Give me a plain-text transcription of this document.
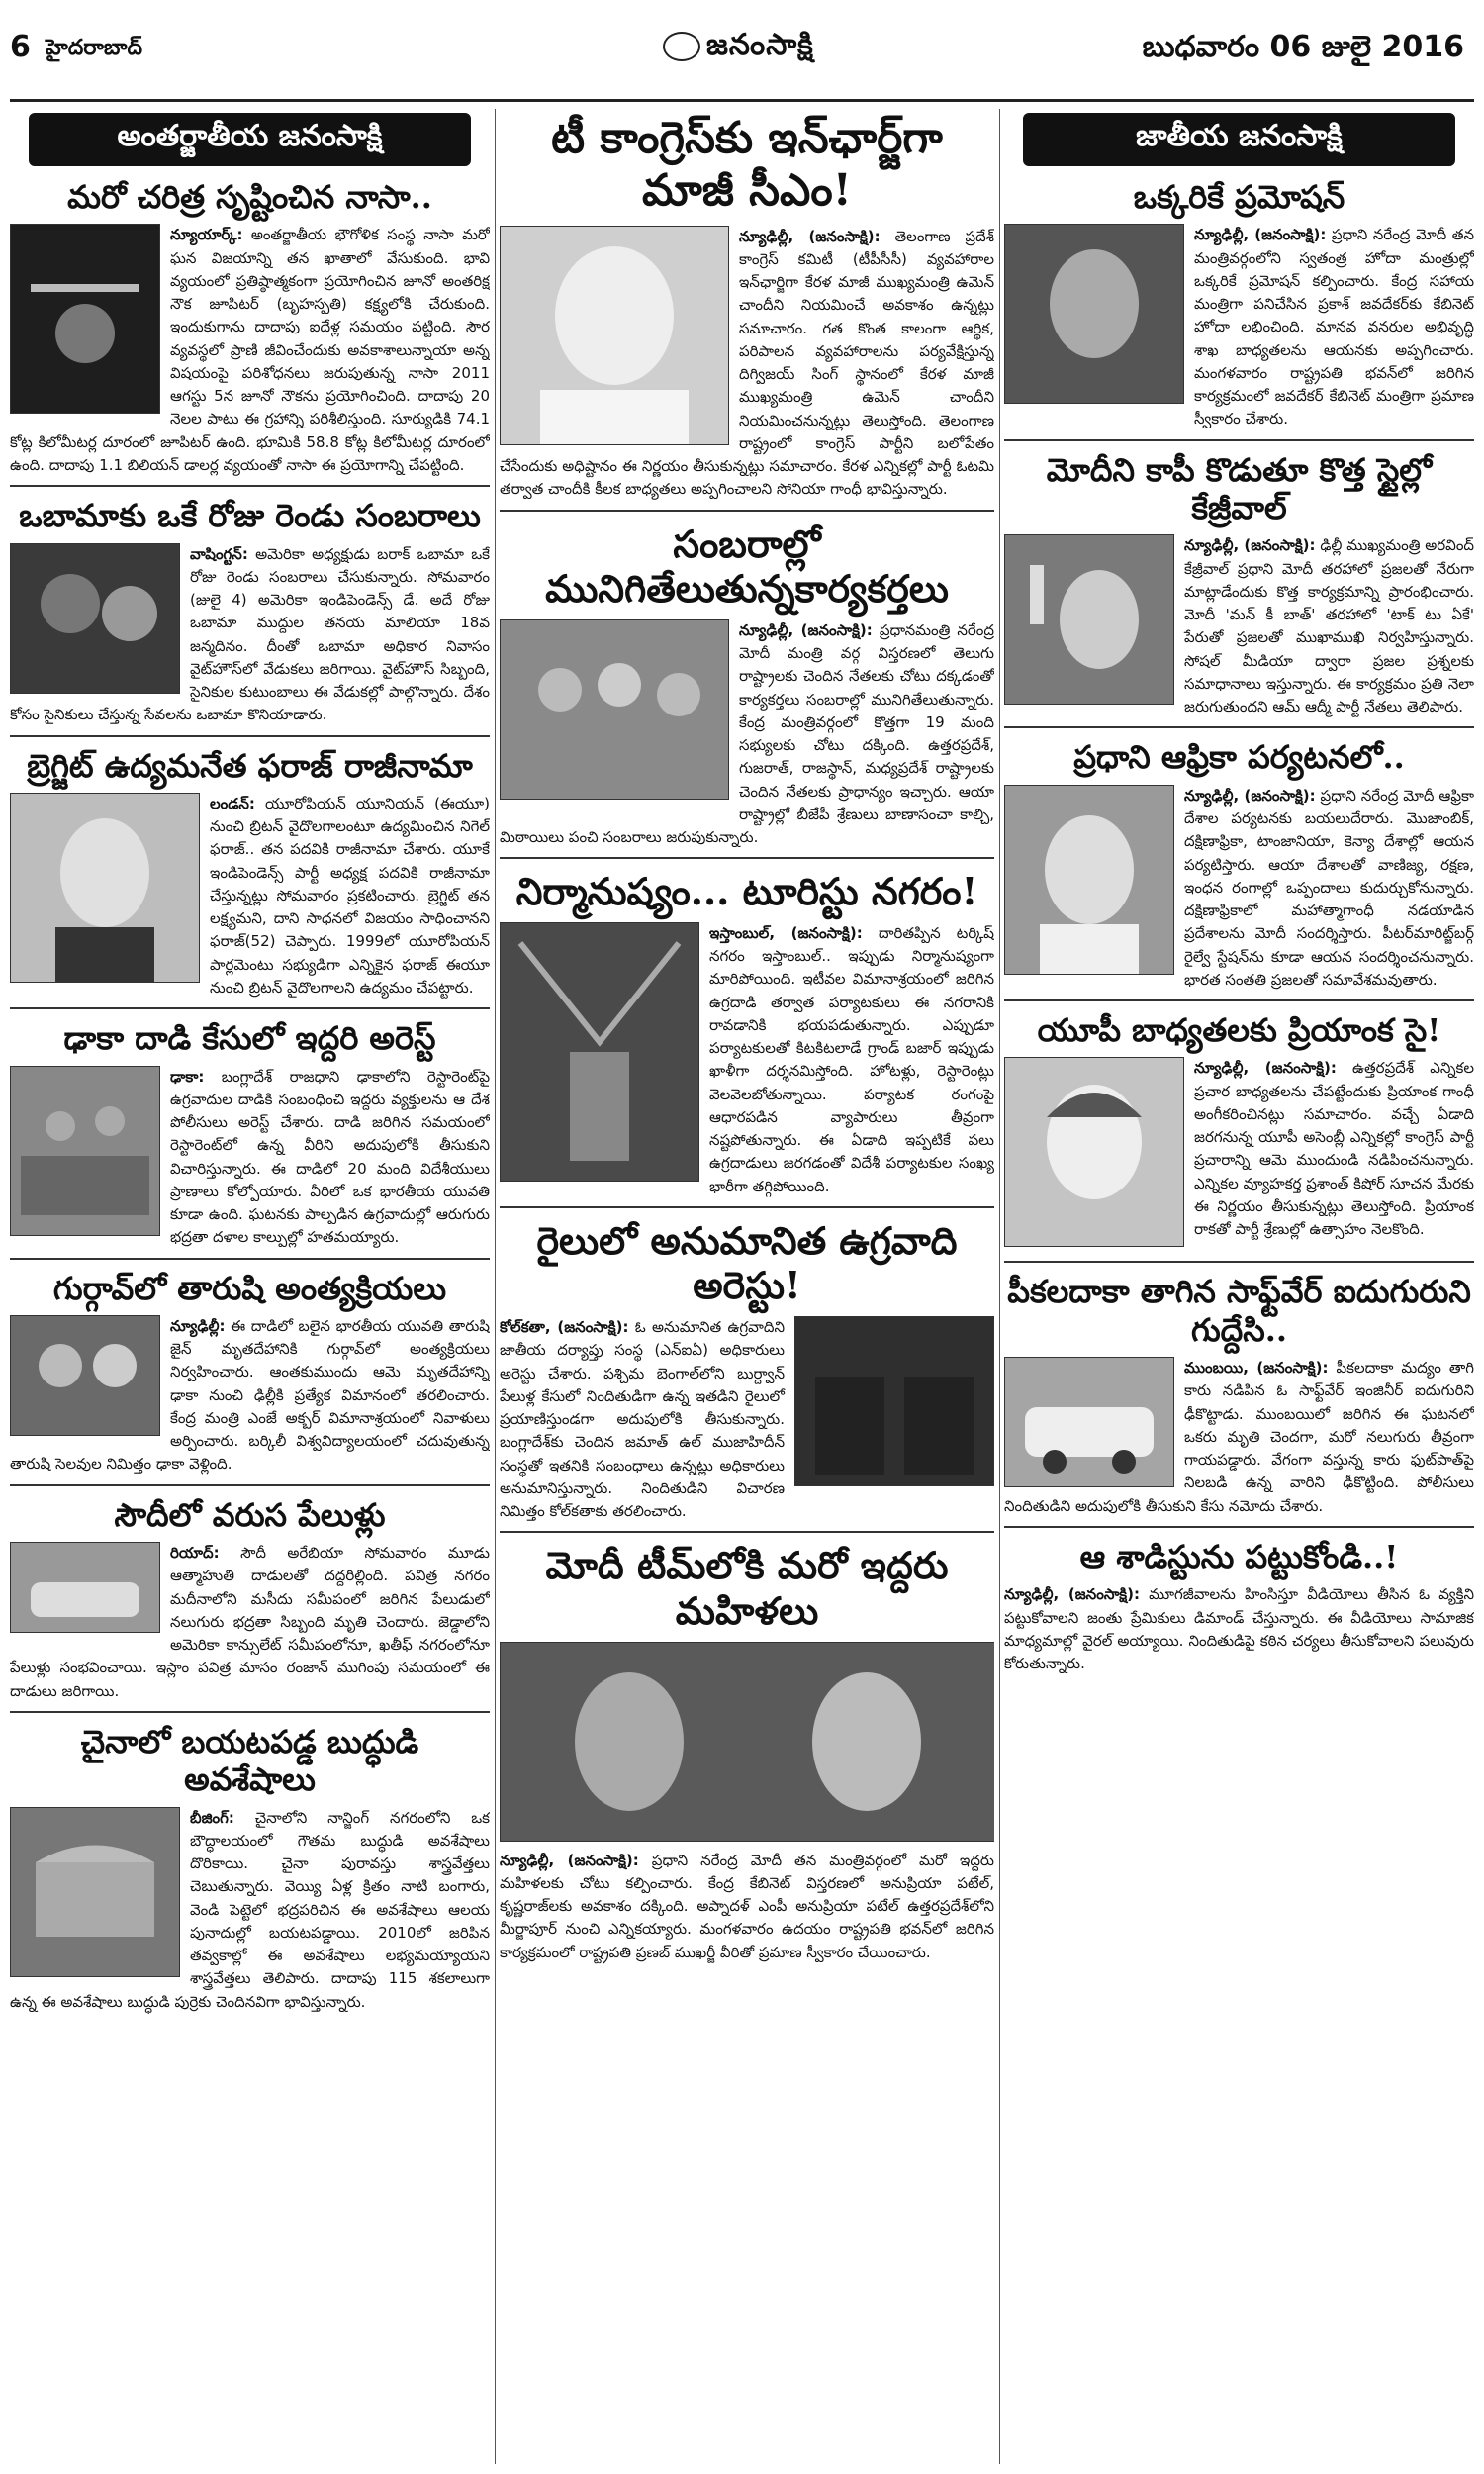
6 హైదరాబాద్	జనంసాక్షి	బుధవారం 06 జులై 2016
అంతర్జాతీయ జనంసాక్షి
మరో చరిత్ర సృష్టించిన నాసా..

న్యూయార్క్: అంతర్జాతీయ భౌగోళిక సంస్థ నాసా మరో ఘన విజయాన్ని తన ఖాతాలో వేసుకుంది. భావి వ్యయంలో ప్రతిష్ఠాత్మకంగా ప్రయోగించిన జూనో అంతరిక్ష నౌక జూపిటర్ (బృహస్పతి) కక్ష్యలోకి చేరుకుంది. ఇందుకుగాను దాదాపు ఐదేళ్ల సమయం పట్టింది. సౌర వ్యవస్థలో ప్రాణి జీవించేందుకు అవకాశాలున్నాయా అన్న విషయంపై పరిశోధనలు జరుపుతున్న నాసా 2011 ఆగస్టు 5న జూనో నౌకను ప్రయోగించింది. దాదాపు 20 నెలల పాటు ఈ గ్రహాన్ని పరిశీలిస్తుంది. సూర్యుడికి 74.1 కోట్ల కిలోమీటర్ల దూరంలో జూపిటర్ ఉంది. భూమికి 58.8 కోట్ల కిలోమీటర్ల దూరంలో ఉంది. దాదాపు 1.1 బిలియన్ డాలర్ల వ్యయంతో నాసా ఈ ప్రయోగాన్ని చేపట్టింది.

ఒబామాకు ఒకే రోజు రెండు సంబరాలు

వాషింగ్టన్: అమెరికా అధ్యక్షుడు బరాక్ ఒబామా ఒకే రోజు రెండు సంబరాలు చేసుకున్నారు. సోమవారం (జులై 4) అమెరికా ఇండిపెండెన్స్ డే. అదే రోజు ఒబామా ముద్దుల తనయ మాలియా 18వ జన్మదినం. దీంతో ఒబామా అధికార నివాసం వైట్‌హౌస్‌లో వేడుకలు జరిగాయి. వైట్‌హౌస్ సిబ్బంది, సైనికుల కుటుంబాలు ఈ వేడుకల్లో పాల్గొన్నారు. దేశం కోసం సైనికులు చేస్తున్న సేవలను ఒబామా కొనియాడారు.

బ్రెగ్జిట్ ఉద్యమనేత ఫరాజ్ రాజీనామా

లండన్: యూరోపియన్ యూనియన్ (ఈయూ) నుంచి బ్రిటన్ వైదొలగాలంటూ ఉద్యమించిన నిగెల్ ఫరాజ్.. తన పదవికి రాజీనామా చేశారు. యూకే ఇండిపెండెన్స్ పార్టీ అధ్యక్ష పదవికి రాజీనామా చేస్తున్నట్లు సోమవారం ప్రకటించారు. బ్రెగ్జిట్ తన లక్ష్యమని, దాని సాధనలో విజయం సాధించానని ఫరాజ్(52) చెప్పారు. 1999లో యూరోపియన్ పార్లమెంటు సభ్యుడిగా ఎన్నికైన ఫరాజ్ ఈయూ నుంచి బ్రిటన్ వైదొలగాలని ఉద్యమం చేపట్టారు.

ఢాకా దాడి కేసులో ఇద్దరి అరెస్ట్

ఢాకా: బంగ్లాదేశ్ రాజధాని ఢాకాలోని రెస్టారెంట్‌పై ఉగ్రవాదుల దాడికి సంబంధించి ఇద్దరు వ్యక్తులను ఆ దేశ పోలీసులు అరెస్ట్ చేశారు. దాడి జరిగిన సమయంలో రెస్టారెంట్‌లో ఉన్న వీరిని అదుపులోకి తీసుకుని విచారిస్తున్నారు. ఈ దాడిలో 20 మంది విదేశీయులు ప్రాణాలు కోల్పోయారు. వీరిలో ఒక భారతీయ యువతి కూడా ఉంది. ఘటనకు పాల్పడిన ఉగ్రవాదుల్లో ఆరుగురు భద్రతా దళాల కాల్పుల్లో హతమయ్యారు.

గుర్గావ్‌లో తారుషి అంత్యక్రియలు

న్యూఢిల్లీ: ఈ దాడిలో బలైన భారతీయ యువతి తారుషి జైన్ మృతదేహానికి గుర్గావ్‌లో అంత్యక్రియలు నిర్వహించారు. ఆంతకుముందు ఆమె మృతదేహాన్ని ఢాకా నుంచి ఢిల్లీకి ప్రత్యేక విమానంలో తరలించారు. కేంద్ర మంత్రి ఎంజే అక్బర్ విమానాశ్రయంలో నివాళులు అర్పించారు. బర్కిలీ విశ్వవిద్యాలయంలో చదువుతున్న తారుషి సెలవుల నిమిత్తం ఢాకా వెళ్లింది.

సౌదీలో వరుస పేలుళ్లు

రియాద్: సౌదీ అరేబియా సోమవారం మూడు ఆత్మాహుతి దాడులతో దద్దరిల్లింది. పవిత్ర నగరం మదీనాలోని మసీదు సమీపంలో జరిగిన పేలుడులో నలుగురు భద్రతా సిబ్బంది మృతి చెందారు. జెడ్డాలోని అమెరికా కాన్సులేట్ సమీపంలోనూ, ఖతీఫ్ నగరంలోనూ పేలుళ్లు సంభవించాయి. ఇస్లాం పవిత్ర మాసం రంజాన్ ముగింపు సమయంలో ఈ దాడులు జరిగాయి.

చైనాలో బయటపడ్డ బుద్ధుడి అవశేషాలు

బీజింగ్: చైనాలోని నాన్జింగ్ నగరంలోని ఒక బౌద్ధాలయంలో గౌతమ బుద్ధుడి అవశేషాలు దొరికాయి. చైనా పురావస్తు శాస్త్రవేత్తలు చెబుతున్నారు. వెయ్యి ఏళ్ల క్రితం నాటి బంగారు, వెండి పెట్టెలో భద్రపరిచిన ఈ అవశేషాలు ఆలయ పునాదుల్లో బయటపడ్డాయి. 2010లో జరిపిన తవ్వకాల్లో ఈ అవశేషాలు లభ్యమయ్యాయని శాస్త్రవేత్తలు తెలిపారు. దాదాపు 115 శకలాలుగా ఉన్న ఈ అవశేషాలు బుద్ధుడి పుర్రెకు చెందినవిగా భావిస్తున్నారు.

టీ కాంగ్రెస్‌కు ఇన్‌ఛార్జ్‌గా మాజీ సీఎం!

న్యూఢిల్లీ, (జనంసాక్షి): తెలంగాణ ప్రదేశ్ కాంగ్రెస్ కమిటీ (టీపీసీసీ) వ్యవహారాల ఇన్‌ఛార్జిగా కేరళ మాజీ ముఖ్యమంత్రి ఉమెన్ చాందీని నియమించే అవకాశం ఉన్నట్లు సమాచారం. గత కొంత కాలంగా ఆర్థిక, పరిపాలన వ్యవహారాలను పర్యవేక్షిస్తున్న దిగ్విజయ్ సింగ్ స్థానంలో కేరళ మాజీ ముఖ్యమంత్రి ఉమెన్ చాందీని నియమించనున్నట్లు తెలుస్తోంది. తెలంగాణ రాష్ట్రంలో కాంగ్రెస్ పార్టీని బలోపేతం చేసేందుకు అధిష్టానం ఈ నిర్ణయం తీసుకున్నట్లు సమాచారం. కేరళ ఎన్నికల్లో పార్టీ ఓటమి తర్వాత చాందీకి కీలక బాధ్యతలు అప్పగించాలని సోనియా గాంధీ భావిస్తున్నారు.

సంబరాల్లో మునిగితేలుతున్నకార్యకర్తలు

న్యూఢిల్లీ, (జనంసాక్షి): ప్రధానమంత్రి నరేంద్ర మోదీ మంత్రి వర్గ విస్తరణలో తెలుగు రాష్ట్రాలకు చెందిన నేతలకు చోటు దక్కడంతో కార్యకర్తలు సంబరాల్లో మునిగితేలుతున్నారు. కేంద్ర మంత్రివర్గంలో కొత్తగా 19 మంది సభ్యులకు చోటు దక్కింది. ఉత్తరప్రదేశ్, గుజరాత్, రాజస్థాన్, మధ్యప్రదేశ్ రాష్ట్రాలకు చెందిన నేతలకు ప్రాధాన్యం ఇచ్చారు. ఆయా రాష్ట్రాల్లో బీజేపీ శ్రేణులు బాణాసంచా కాల్చి, మిఠాయిలు పంచి సంబరాలు జరుపుకున్నారు.

నిర్మానుష్యం... టూరిస్టు నగరం!

ఇస్తాంబుల్, (జనంసాక్షి): దారితప్పిన టర్కిష్ నగరం ఇస్తాంబుల్.. ఇప్పుడు నిర్మానుష్యంగా మారిపోయింది. ఇటీవల విమానాశ్రయంలో జరిగిన ఉగ్రదాడి తర్వాత పర్యాటకులు ఈ నగరానికి రావడానికి భయపడుతున్నారు. ఎప్పుడూ పర్యాటకులతో కిటకిటలాడే గ్రాండ్ బజార్ ఇప్పుడు ఖాళీగా దర్శనమిస్తోంది. హోటళ్లు, రెస్టారెంట్లు వెలవెలబోతున్నాయి. పర్యాటక రంగంపై ఆధారపడిన వ్యాపారులు తీవ్రంగా నష్టపోతున్నారు. ఈ ఏడాది ఇప్పటికే పలు ఉగ్రదాడులు జరగడంతో విదేశీ పర్యాటకుల సంఖ్య భారీగా తగ్గిపోయింది.

రైలులో అనుమానిత ఉగ్రవాది అరెస్టు!

కోల్‌కతా, (జనంసాక్షి): ఓ అనుమానిత ఉగ్రవాదిని జాతీయ దర్యాప్తు సంస్థ (ఎన్‌ఐఏ) అధికారులు అరెస్టు చేశారు. పశ్చిమ బెంగాల్‌లోని బుర్ద్వాన్ పేలుళ్ల కేసులో నిందితుడిగా ఉన్న ఇతడిని రైలులో ప్రయాణిస్తుండగా అదుపులోకి తీసుకున్నారు. బంగ్లాదేశ్‌కు చెందిన జమాత్ ఉల్ ముజాహిదీన్ సంస్థతో ఇతనికి సంబంధాలు ఉన్నట్లు అధికారులు అనుమానిస్తున్నారు. నిందితుడిని విచారణ నిమిత్తం కోల్‌కతాకు తరలించారు.

మోదీ టీమ్‌లోకి మరో ఇద్దరు మహిళలు

న్యూఢిల్లీ, (జనంసాక్షి): ప్రధాని నరేంద్ర మోదీ తన మంత్రివర్గంలో మరో ఇద్దరు మహిళలకు చోటు కల్పించారు. కేంద్ర కేబినెట్ విస్తరణలో అనుప్రియా పటేల్, కృష్ణరాజ్‌లకు అవకాశం దక్కింది. అప్నాదళ్ ఎంపీ అనుప్రియా పటేల్ ఉత్తరప్రదేశ్‌లోని మీర్జాపూర్ నుంచి ఎన్నికయ్యారు. మంగళవారం ఉదయం రాష్ట్రపతి భవన్‌లో జరిగిన కార్యక్రమంలో రాష్ట్రపతి ప్రణబ్ ముఖర్జీ వీరితో ప్రమాణ స్వీకారం చేయించారు.

జాతీయ జనంసాక్షి
ఒక్కరికే ప్రమోషన్

న్యూఢిల్లీ, (జనంసాక్షి): ప్రధాని నరేంద్ర మోదీ తన మంత్రివర్గంలోని స్వతంత్ర హోదా మంత్రుల్లో ఒక్కరికే ప్రమోషన్ కల్పించారు. కేంద్ర సహాయ మంత్రిగా పనిచేసిన ప్రకాశ్ జవదేకర్‌కు కేబినెట్ హోదా లభించింది. మానవ వనరుల అభివృద్ధి శాఖ బాధ్యతలను ఆయనకు అప్పగించారు. మంగళవారం రాష్ట్రపతి భవన్‌లో జరిగిన కార్యక్రమంలో జవదేకర్ కేబినెట్ మంత్రిగా ప్రమాణ స్వీకారం చేశారు.

మోదీని కాపీ కొడుతూ కొత్త స్టైల్లో కేజ్రీవాల్

న్యూఢిల్లీ, (జనంసాక్షి): ఢిల్లీ ముఖ్యమంత్రి అరవింద్ కేజ్రీవాల్ ప్రధాని మోదీ తరహాలో ప్రజలతో నేరుగా మాట్లాడేందుకు కొత్త కార్యక్రమాన్ని ప్రారంభించారు. మోదీ 'మన్ కీ బాత్' తరహాలో 'టాక్ టు ఏకే' పేరుతో ప్రజలతో ముఖాముఖి నిర్వహిస్తున్నారు. సోషల్ మీడియా ద్వారా ప్రజల ప్రశ్నలకు సమాధానాలు ఇస్తున్నారు. ఈ కార్యక్రమం ప్రతి నెలా జరుగుతుందని ఆమ్ ఆద్మీ పార్టీ నేతలు తెలిపారు.

ప్రధాని ఆఫ్రికా పర్యటనలో..

న్యూఢిల్లీ, (జనంసాక్షి): ప్రధాని నరేంద్ర మోదీ ఆఫ్రికా దేశాల పర్యటనకు బయలుదేరారు. మొజాంబిక్, దక్షిణాఫ్రికా, టాంజానియా, కెన్యా దేశాల్లో ఆయన పర్యటిస్తారు. ఆయా దేశాలతో వాణిజ్య, రక్షణ, ఇంధన రంగాల్లో ఒప్పందాలు కుదుర్చుకోనున్నారు. దక్షిణాఫ్రికాలో మహాత్మాగాంధీ నడయాడిన ప్రదేశాలను మోదీ సందర్శిస్తారు. పీటర్‌మారిట్జ్‌బర్గ్ రైల్వే స్టేషన్‌ను కూడా ఆయన సందర్శించనున్నారు. భారత సంతతి ప్రజలతో సమావేశమవుతారు.

యూపీ బాధ్యతలకు ప్రియాంక సై!

న్యూఢిల్లీ, (జనంసాక్షి): ఉత్తరప్రదేశ్ ఎన్నికల ప్రచార బాధ్యతలను చేపట్టేందుకు ప్రియాంక గాంధీ అంగీకరించినట్లు సమాచారం. వచ్చే ఏడాది జరగనున్న యూపీ అసెంబ్లీ ఎన్నికల్లో కాంగ్రెస్ పార్టీ ప్రచారాన్ని ఆమె ముందుండి నడిపించనున్నారు. ఎన్నికల వ్యూహకర్త ప్రశాంత్ కిషోర్ సూచన మేరకు ఈ నిర్ణయం తీసుకున్నట్లు తెలుస్తోంది. ప్రియాంక రాకతో పార్టీ శ్రేణుల్లో ఉత్సాహం నెలకొంది.

పీకలదాకా తాగిన సాఫ్ట్‌వేర్ ఐదుగురుని గుద్దేసి..

ముంబయి, (జనంసాక్షి): పీకలదాకా మద్యం తాగి కారు నడిపిన ఓ సాఫ్ట్‌వేర్ ఇంజినీర్ ఐదుగురిని ఢీకొట్టాడు. ముంబయిలో జరిగిన ఈ ఘటనలో ఒకరు మృతి చెందగా, మరో నలుగురు తీవ్రంగా గాయపడ్డారు. వేగంగా వస్తున్న కారు ఫుట్‌పాత్‌పై నిలబడి ఉన్న వారిని ఢీకొట్టింది. పోలీసులు నిందితుడిని అదుపులోకి తీసుకుని కేసు నమోదు చేశారు.

ఆ శాడిస్టును పట్టుకోండి..!

న్యూఢిల్లీ, (జనంసాక్షి): మూగజీవాలను హింసిస్తూ వీడియోలు తీసిన ఓ వ్యక్తిని పట్టుకోవాలని జంతు ప్రేమికులు డిమాండ్ చేస్తున్నారు. ఈ వీడియోలు సామాజిక మాధ్యమాల్లో వైరల్ అయ్యాయి. నిందితుడిపై కఠిన చర్యలు తీసుకోవాలని పలువురు కోరుతున్నారు.
